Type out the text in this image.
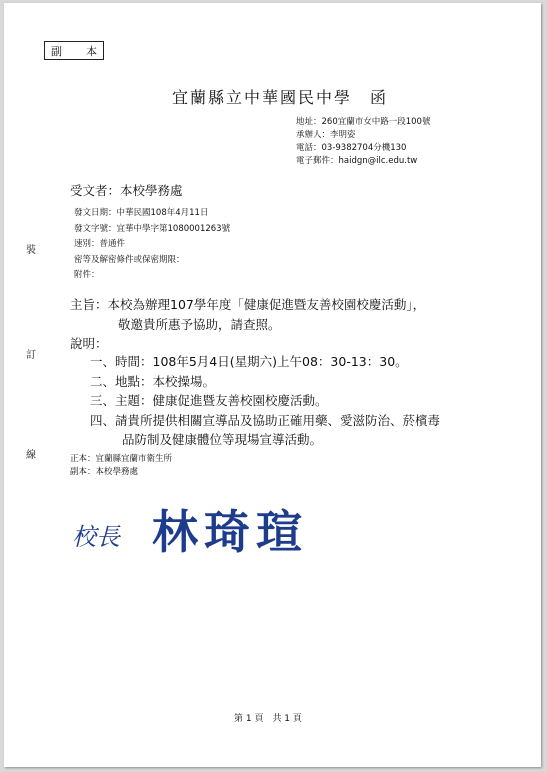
副 本
宜蘭縣立中華國民中學　函
地址：260宜蘭市女中路一段100號
承辦人：李明姿
電話：03-9382704分機130
電子郵件：haidgn@ilc.edu.tw
受文者：本校學務處
發文日期：中華民國108年4月11日
發文字號：宜華中學字第1080001263號
速別：普通件
密等及解密條件或保密期限：
附件：
裝
訂
線
主旨：本校為辦理107學年度「健康促進暨友善校園校慶活動」，
敬邀貴所惠予協助，請查照。
說明：
一、時間：108年5月4日(星期六)上午08：30-13：30。
二、地點：本校操場。
三、主題：健康促進暨友善校園校慶活動。
四、請貴所提供相關宣導品及協助正確用藥、愛滋防治、菸檳毒
品防制及健康體位等現場宣導活動。
正本：宜蘭縣宜蘭市衛生所
副本：本校學務處
校長 林琦瑄
第 1 頁　共 1 頁
